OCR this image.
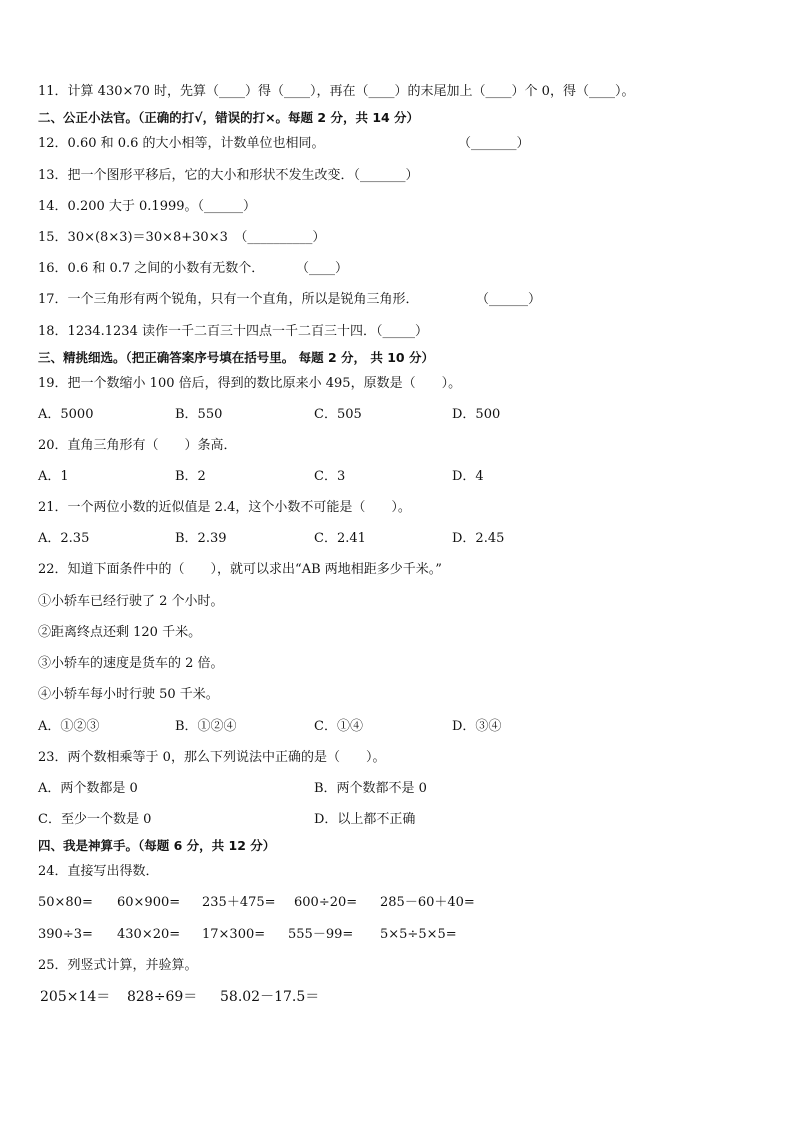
11．计算 430×70 时，先算（____）得（____），再在（____）的末尾加上（____）个 0，得（____）。
二、公正小法官。（正确的打√，错误的打×。每题 2 分，共 14 分）
12．0.60 和 0.6 的大小相等，计数单位也相同。	（_______）
13．把一个图形平移后，它的大小和形状不发生改变．（_______）
14．0.200 大于 0.1999。（______）
15．30×(8×3)＝30×8+30×3　（__________）
16．0.6 和 0.7 之间的小数有无数个． （____）
17．一个三角形有两个锐角，只有一个直角，所以是锐角三角形．	（______）
18．1234.1234 读作一千二百三十四点一千二百三十四．（_____）
三、精挑细选。（把正确答案序号填在括号里。 每题 2 分， 共 10 分）
19．把一个数缩小 100 倍后，得到的数比原来小 495，原数是（　　）。
A．5000	B．550	C．505	D．500
20．直角三角形有（　　）条高．
A．1	B．2	C．3	D．4
21．一个两位小数的近似值是 2.4，这个小数不可能是（　　）。
A．2.35	B．2.39	C．2.41	D．2.45
22．知道下面条件中的（　　），就可以求出“AB 两地相距多少千米。”
①小轿车已经行驶了 2 个小时。
②距离终点还剩 120 千米。
③小轿车的速度是货车的 2 倍。
④小轿车每小时行驶 50 千米。
A．①②③	B．①②④	C．①④	D．③④
23．两个数相乘等于 0，那么下列说法中正确的是（　　）。
A．两个数都是 0	B．两个数都不是 0
C．至少一个数是 0	D．以上都不正确
四、我是神算手。（每题 6 分，共 12 分）
24．直接写出得数．
50×80= 60×900= 235＋475= 600÷20= 285－60＋40=
390÷3= 430×20= 17×300= 555－99= 5×5÷5×5=
25．列竖式计算，并验算。
205×14＝ 828÷69＝ 58.02－17.5＝
